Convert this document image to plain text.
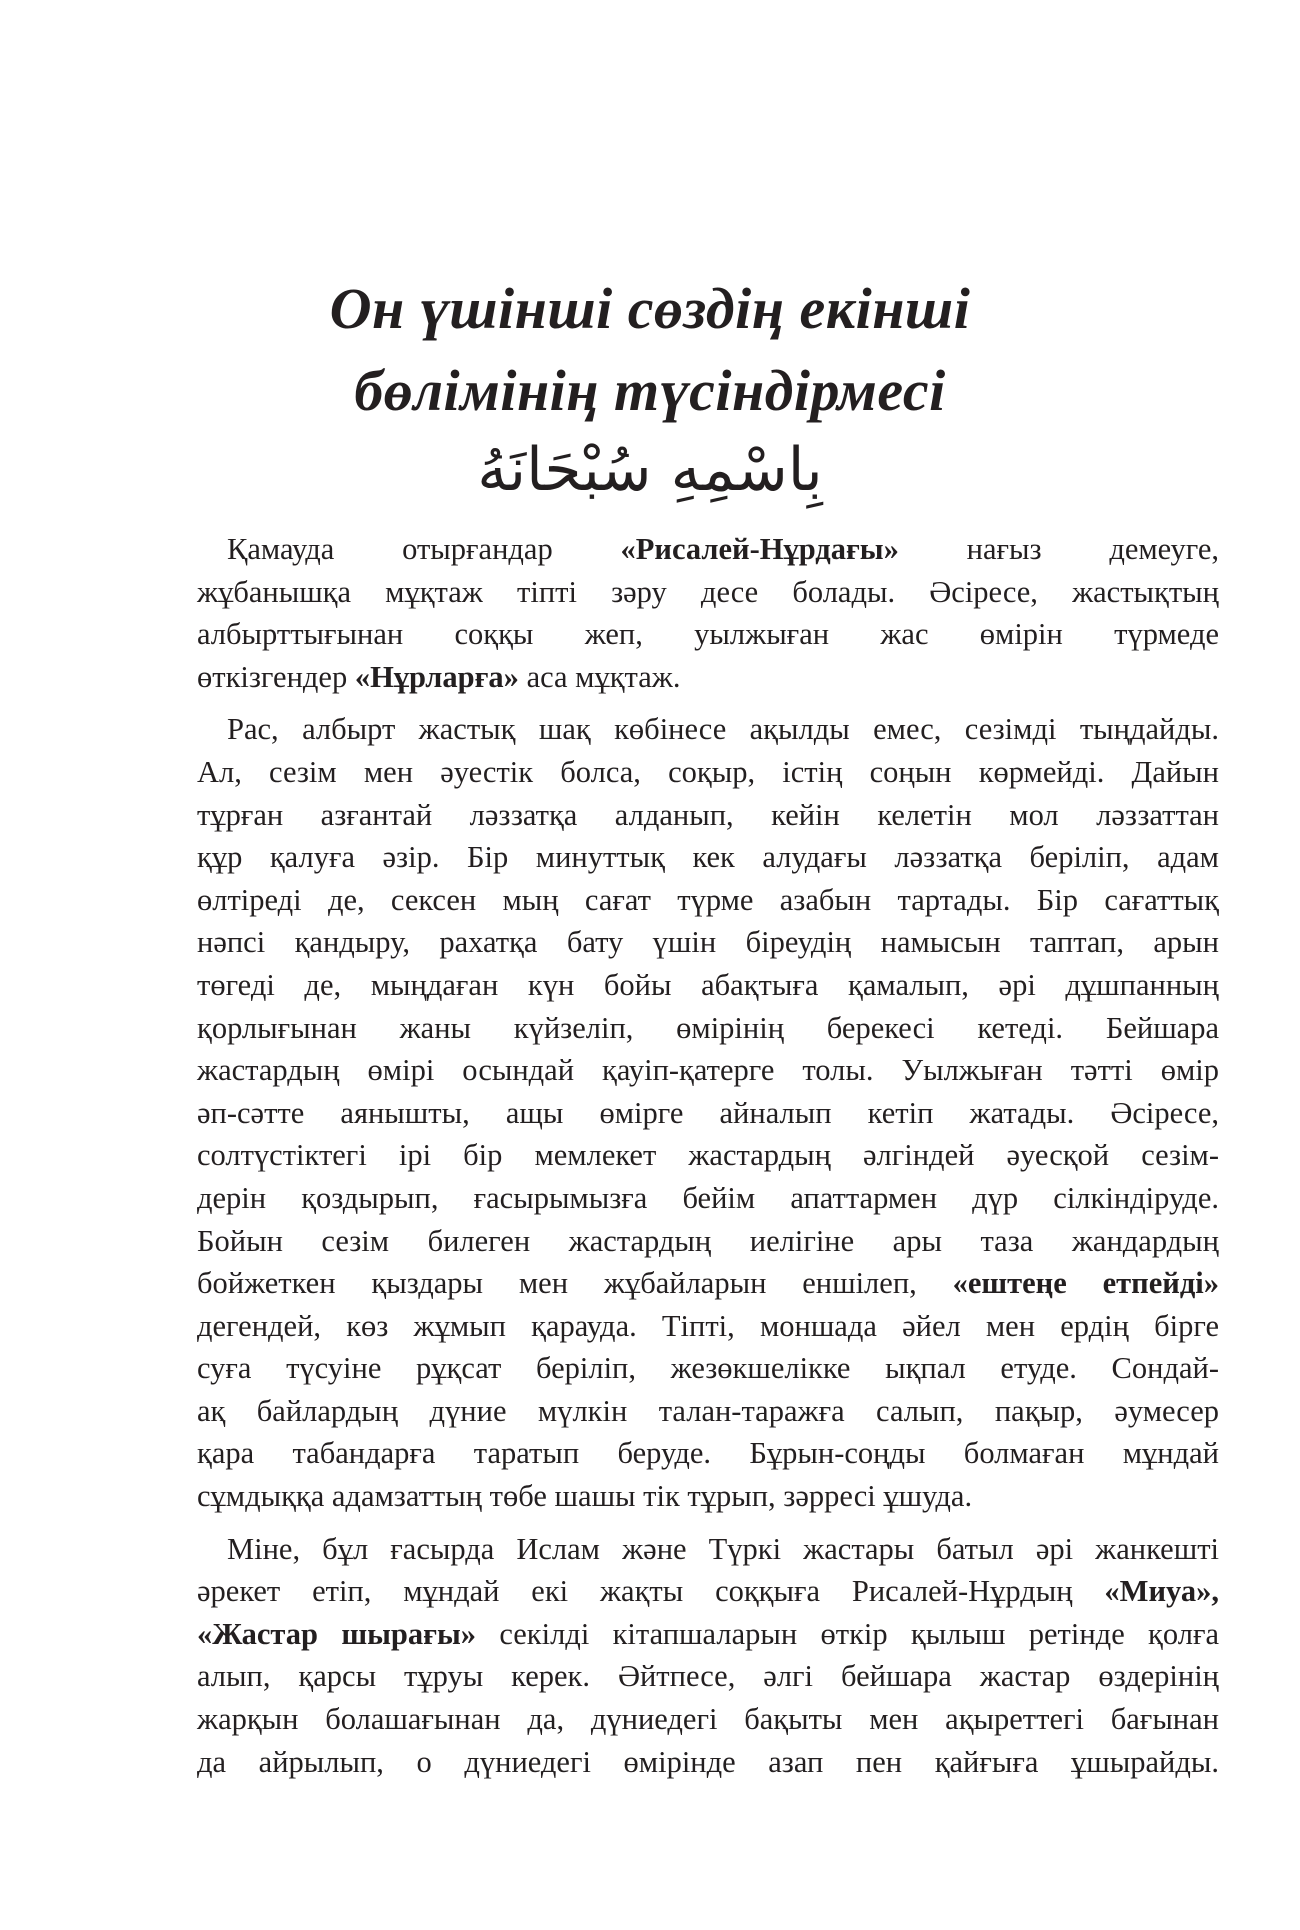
Он үшінші сөздің екінші
бөлімінің түсіндірмесі
بِاسْمِهِ سُبْحَانَهُ
Қамауда отырғандар «Рисалей-Нұрдағы» нағыз демеуге,
жұбанышқа мұқтаж тіпті зәру десе болады. Әсіресе, жастықтың
албырттығынан соққы жеп, уылжыған жас өмірін түрмеде
өткізгендер «Нұрларға» аса мұқтаж.
Рас, албырт жастық шақ көбінесе ақылды емес, сезімді тыңдайды.
Ал, сезім мен әуестік болса, соқыр, істің соңын көрмейді. Дайын
тұрған азғантай ләззатқа алданып, кейін келетін мол ләззаттан
құр қалуға әзір. Бір минуттық кек алудағы ләззатқа беріліп, адам
өлтіреді де, сексен мың сағат түрме азабын тартады. Бір сағаттық
нәпсі қандыру, рахатқа бату үшін біреудің намысын таптап, арын
төгеді де, мыңдаған күн бойы абақтыға қамалып, әрі дұшпанның
қорлығынан жаны күйзеліп, өмірінің берекесі кетеді. Бейшара
жастардың өмірі осындай қауіп-қатерге толы. Уылжыған тәтті өмір
әп-сәтте аянышты, ащы өмірге айналып кетіп жатады. Әсіресе,
солтүстіктегі ірі бір мемлекет жастардың әлгіндей әуесқой сезім-
дерін қоздырып, ғасырымызға бейім апаттармен дүр сілкіндіруде.
Бойын сезім билеген жастардың иелігіне ары таза жандардың
бойжеткен қыздары мен жұбайларын еншілеп, «ештеңе етпейді»
дегендей, көз жұмып қарауда. Тіпті, моншада әйел мен ердің бірге
суға түсуіне рұқсат беріліп, жезөкшелікке ықпал етуде. Сондай-
ақ байлардың дүние мүлкін талан-таражға салып, пақыр, әумесер
қара табандарға таратып беруде. Бұрын-соңды болмаған мұндай
сұмдыққа адамзаттың төбе шашы тік тұрып, зәрресі ұшуда.
Міне, бұл ғасырда Ислам және Түркі жастары батыл әрі жанкешті
әрекет етіп, мұндай екі жақты соққыға Рисалей-Нұрдың «Миуа»,
«Жастар шырағы» секілді кітапшаларын өткір қылыш ретінде қолға
алып, қарсы тұруы керек. Әйтпесе, әлгі бейшара жастар өздерінің
жарқын болашағынан да, дүниедегі бақыты мен ақыреттегі бағынан
да айрылып, о дүниедегі өмірінде азап пен қайғыға ұшырайды.
